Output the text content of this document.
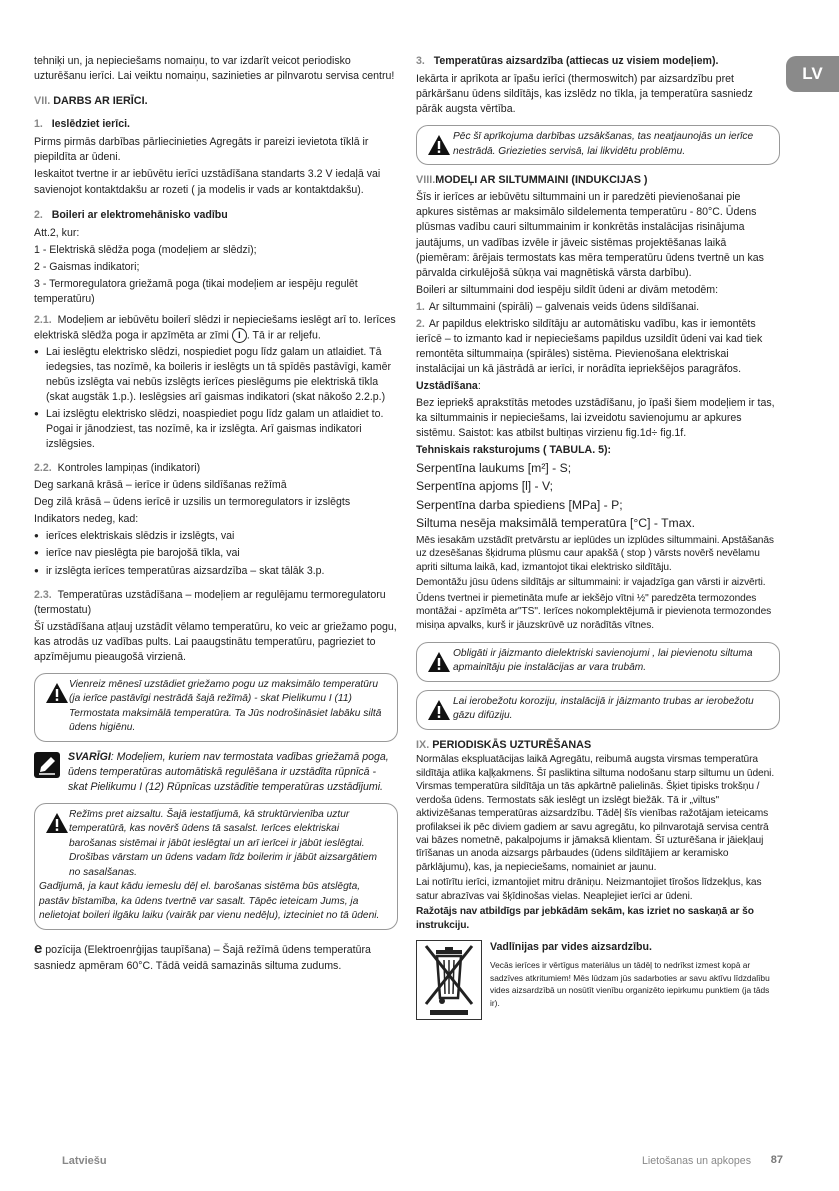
LV

tehniķi un, ja nepieciešams nomaiņu, to var izdarīt veicot periodisko uzturēšanu ierīci. Lai veiktu nomaiņu, sazinieties ar pilnvarotu servisa centru!

VII. DARBS AR IERĪCI.
1. Ieslēdziet ierīci.

Pirms pirmās darbības pārliecinieties Agregāts ir pareizi ievietota tīklā ir piepildīta ar ūdeni.

Ieskaitot tvertne ir ar iebūvētu ierīci uzstādīšana standarts 3.2 V iedaļā vai savienojot kontaktdakšu ar rozeti ( ja modelis ir vads ar kontaktdakšu).

2. Boileri ar elektromehānisko vadību

Att.2, kur:

1 - Elektriskā slēdža poga (modeļiem ar slēdzi);

2 - Gaismas indikatori;

3 - Termoregulatora griežamā poga (tikai modeļiem ar iespēju regulēt temperatūru)

2.1. Modeļiem ar iebūvētu boilerī slēdzi ir nepieciešams ieslēgt arī to. Ierīces elektriskā slēdža poga ir apzīmēta ar zīmi I . Tā ir ar reljefu.

● Lai ieslēgtu elektrisko slēdzi, nospiediet pogu līdz galam un atlaidiet. Tā iedegsies, tas nozīmē, ka boileris ir ieslēgts un tā spīdēs pastāvīgi, kamēr nebūs izslēgta vai nebūs izslēgts ierīces pieslēgums pie elektriskā tīkla (skat augstāk 1.p.). Ieslēgsies arī gaismas indikatori (skat nākošo 2.2.p.)

● Lai izslēgtu elektrisko slēdzi, noaspiediet pogu līdz galam un atlaidiet to. Pogai ir jānodziest, tas nozīmē, ka ir izslēgta. Arī gaismas indikatori izslēgsies.

2.2. Kontroles lampiņas (indikatori)

Deg sarkanā krāsā – ierīce ir ūdens sildīšanas režīmā

Deg zilā krāsā – ūdens ierīcē ir uzsilis un termoregulators ir izslēgts

Indikators nedeg, kad:

● ierīces elektriskais slēdzis ir izslēgts, vai

● ierīce nav pieslēgta pie barojošā tīkla, vai

● ir izslēgta ierīces temperatūras aizsardzība – skat tālāk 3.p.

2.3. Temperatūras uzstādīšana – modeļiem ar regulējamu termoregulatoru (termostatu)

Šī uzstādīšana atļauj uzstādīt vēlamo temperatūru, ko veic ar griežamo pogu, kas atrodās uz vadības pults. Lai paaugstinātu temperatūru, pagrieziet to apzīmējumu pieaugošā virzienā.

Vienreiz mēnesī uzstādiet griežamo pogu uz maksimālo temperatūru (ja ierīce pastāvīgi nestrādā šajā režīmā) - skat Pielikumu I (11) Termostata maksimālā temperatūra. Ta Jūs nodrošināsiet labāku siltā ūdens higiēnu.
SVARĪGI: Modeļiem, kuriem nav termostata vadības griežamā poga, ūdens temperatūras automātiskā regulēšana ir uzstādīta rūpnīcā - skat Pielikumu I (12) Rūpnīcas uzstādītie temperatūras uzstādījumi.
Režīms pret aizsaltu. Šajā iestatījumā, kā struktūrvienība uztur temperatūrā, kas novērš ūdens tā sasalst. Ierīces elektriskai barošanas sistēmai ir jābūt ieslēgtai un arī ierīcei ir jābūt ieslēgtai. Drošības vārstam un ūdens vadam līdz boilerim ir jābūt aizsargātiem no sasalšanas.
Gadījumā, ja kaut kādu iemeslu dēļ el. barošanas sistēma būs atslēgta, pastāv bīstamība, ka ūdens tvertnē var sasalt. Tāpēc ieteicam Jums, ja nelietojat boileri ilgāku laiku (vairāk par vienu nedēļu), izteciniet no tā ūdeni.

e pozīcija (Elektroenrģijas taupīšana) – Šajā režīmā ūdens temperatūra sasniedz apmēram 60°C. Tādā veidā samazinās siltuma zudums.

3. Temperatūras aizsardzība (attiecas uz visiem modeļiem).

Iekārta ir aprīkota ar īpašu ierīci (thermoswitch) par aizsardzību pret pārkāršanu ūdens sildītājs, kas izslēdz no tīkla, ja temperatūra sasniedz pārāk augsta vērtība.

Pēc šī aprīkojuma darbības uzsākšanas, tas neatjaunojās un ierīce nestrādā. Griezieties servisā, lai likvidētu problēmu.
VIII.MODEĻI AR SILTUMMAINI (INDUKCIJAS )

Šīs ir ierīces ar iebūvētu siltummaini un ir paredzēti pievienošanai pie apkures sistēmas ar maksimālo sildelementa temperatūru - 80°C. Ūdens plūsmas vadību cauri siltummainim ir konkrētās instalācijas risinājuma jautājums, un vadības izvēle ir jāveic sistēmas projektēšanas laikā (piemēram: ārējais termostats kas mēra temperatūru ūdens tvertnē un kas pārvalda cirkulējošā sūkņa vai magnētiskā vārsta darbību).

Boileri ar siltummaini dod iespēju sildīt ūdeni ar divām metodēm:

1. Ar siltummaini (spirāli) – galvenais veids ūdens sildīšanai.

2. Ar papildus elektrisko sildītāju ar automātisku vadību, kas ir iemontēts ierīcē – to izmanto kad ir nepieciešams papildus uzsildīt ūdeni vai kad tiek remontēta siltummaiņa (spirāles) sistēma. Pievienošana elektriskai instalācijai un kā jāstrādā ar ierīci, ir norādīta iepriekšējos paragrāfos.

Uzstādīšana:

Bez iepriekš aprakstītās metodes uzstādīšanu, jo īpaši šiem modeļiem ir tas, ka siltummainis ir nepieciešams, lai izveidotu savienojumu ar apkures sistēmu. Saistot: kas atbilst bultiņas virzienu fig.1d÷ fig.1f.

Tehniskais raksturojums ( TABULA. 5):

Serpentīna laukums [m²] - S;

Serpentīna apjoms [l] - V;

Serpentīna darba spiediens [MPa] - P;

Siltuma nesēja maksimālā temperatūra [°C] - Tmax.

Mēs iesakām uzstādīt pretvārstu ar ieplūdes un izplūdes siltummaini. Apstāšanās uz dzesēšanas šķidruma plūsmu caur apakšā ( stop ) vārsts novērš nevēlamu apriti siltuma laikā, kad, izmantojot tikai elektrisko sildītāju.

Demontāžu jūsu ūdens sildītājs ar siltummaini: ir vajadzīga gan vārsti ir aizvērti.

Ūdens tvertnei ir piemetināta mufe ar iekšējo vītni ½" paredzēta termozondes montāžai - apzīmēta ar"TS". Ierīces nokomplektējumā ir pievienota termozondes misiņa apvalks, kurš ir jāuzskrūvē uz norādītās vītnes.

Obligāti ir jāizmanto dielektriski savienojumi , lai pievienotu siltuma apmainītāju pie instalācijas ar vara trubām.
Lai ierobežotu koroziju, instalācijā ir jāizmanto trubas ar ierobežotu gāzu difūziju.
IX. PERIODISKĀS UZTURĒŠANAS

Normālas ekspluatācijas laikā Agregātu, reibumā augsta virsmas temperatūra sildītāja atlika kaļķakmens. Šī pasliktina siltuma nodošanu starp siltumu un ūdeni. Virsmas temperatūra sildītāja un tās apkārtnē palielinās. Šķiet tipisks trokšņu / verdoša ūdens. Termostats sāk ieslēgt un izslēgt biežāk. Tā ir „viltus" aktivizēšanas temperatūras aizsardzību. Tādēļ šīs vienības ražotājam ieteicams profilaksei ik pēc diviem gadiem ar savu agregātu, ko pilnvarotajā servisa centrā vai bāzes nometnē, pakalpojums ir jāmaksā klientam. Šī uzturēšana ir jāiekļauj tīrīšanas un anoda aizsargs pārbaudes (ūdens sildītājiem ar keramisko pārklājumu), kas, ja nepieciešams, nomainiet ar jaunu.

Lai notīrītu ierīci, izmantojiet mitru drāniņu. Neizmantojiet tīrošos līdzekļus, kas satur abrazīvas vai šķīdinošas vielas. Neaplejiet ierīci ar ūdeni.

Ražotājs nav atbildīgs par jebkādām sekām, kas izriet no saskaņā ar šo instrukciju.

Vadlīnijas par vides aizsardzību.
Vecās ierīces ir vērtīgus materiālus un tādēļ to nedrīkst izmest kopā ar sadzīves atkritumiem! Mēs lūdzam jūs sadarboties ar savu aktīvu līdzdalību vides aizsardzībā un nosūtīt vienību organizēto iepirkumu punktiem (ja tāds ir).
Latviešu	Lietošanas un apkopes 87
